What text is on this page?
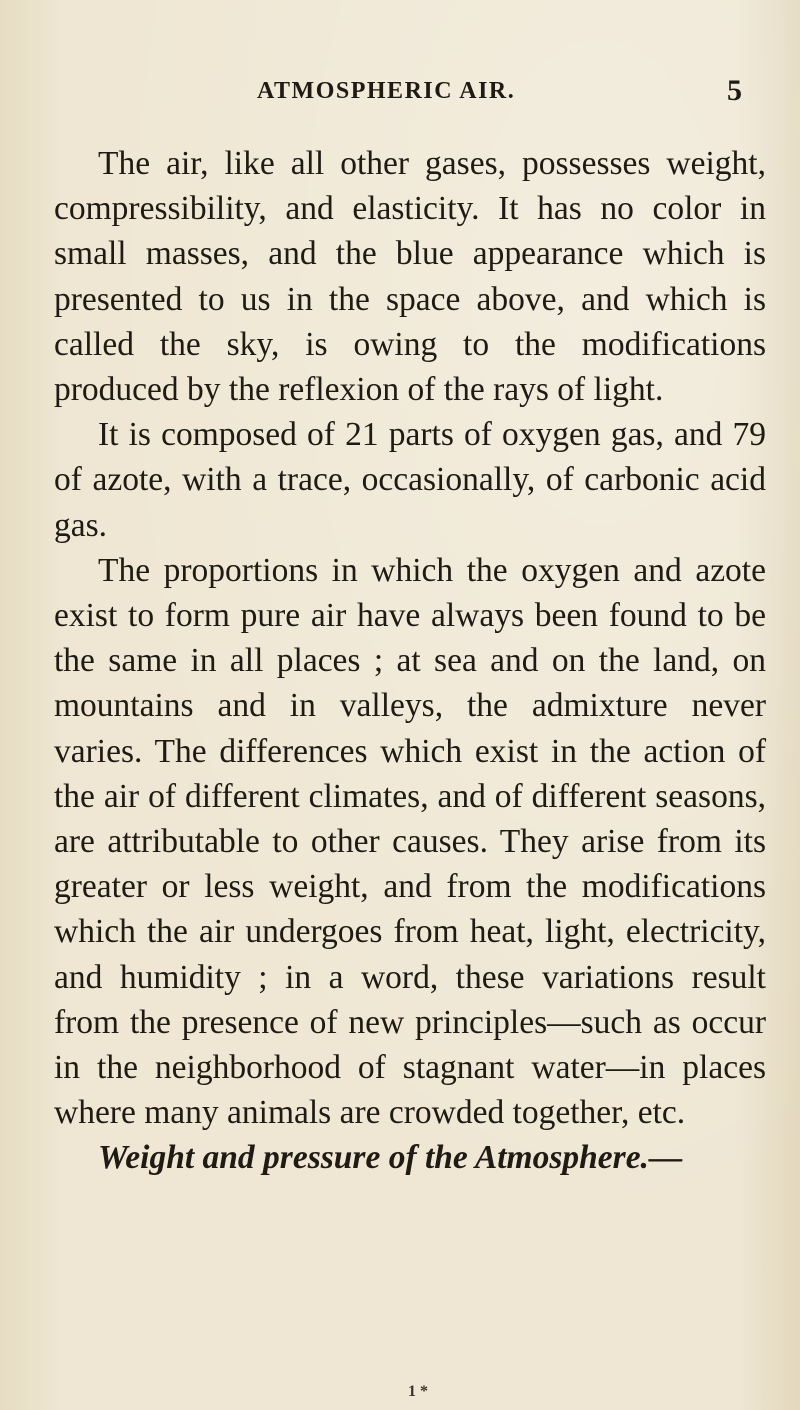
ATMOSPHERIC AIR.	5

The air, like all other gases, possesses weight, compressibility, and elasticity. It has no color in small masses, and the blue appearance which is presented to us in the space above, and which is called the sky, is owing to the modifications produced by the reflexion of the rays of light.

It is composed of 21 parts of oxygen gas, and 79 of azote, with a trace, occasionally, of carbonic acid gas.

The proportions in which the oxygen and azote exist to form pure air have always been found to be the same in all places ; at sea and on the land, on mountains and in valleys, the admixture never varies. The differences which exist in the action of the air of different climates, and of different seasons, are attributable to other causes. They arise from its greater or less weight, and from the modifications which the air undergoes from heat, light, electricity, and humidity ; in a word, these variations result from the presence of new principles—such as occur in the neighborhood of stagnant water—in places where many animals are crowded together, etc.

Weight and pressure of the Atmosphere.—

1 *
